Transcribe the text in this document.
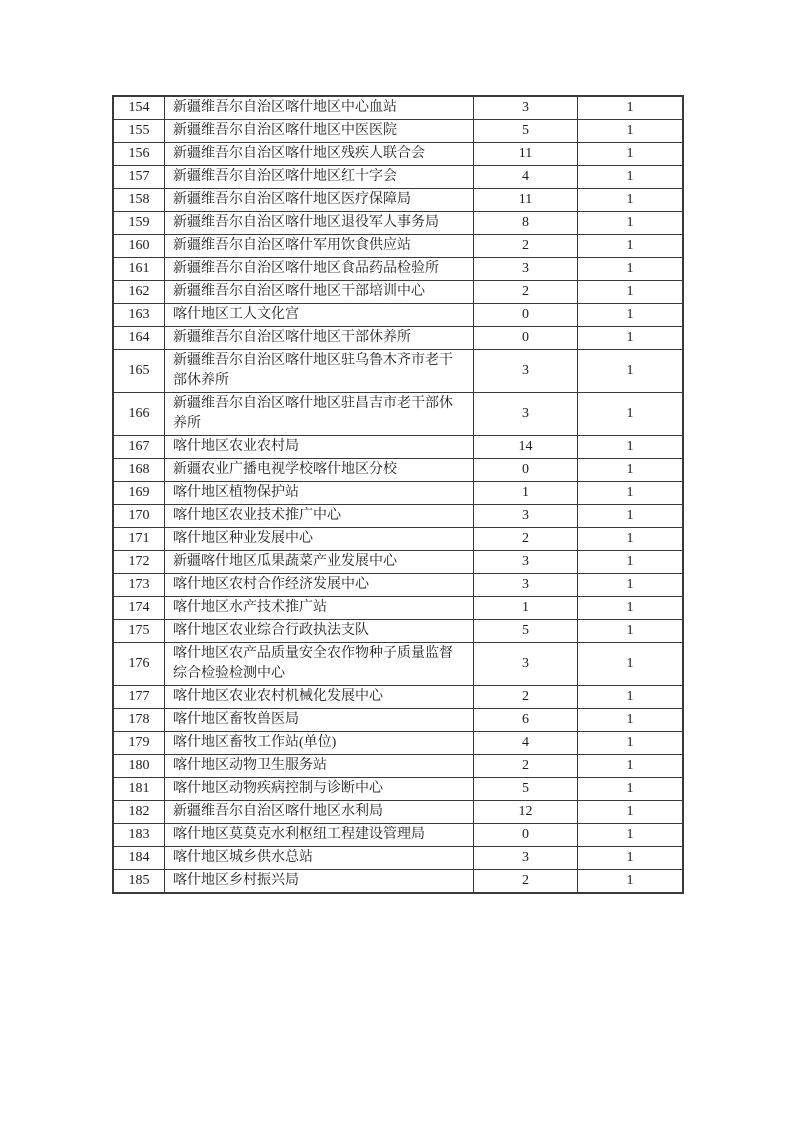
154	新疆维吾尔自治区喀什地区中心血站	3	1
155	新疆维吾尔自治区喀什地区中医医院	5	1
156	新疆维吾尔自治区喀什地区残疾人联合会	11	1
157	新疆维吾尔自治区喀什地区红十字会	4	1
158	新疆维吾尔自治区喀什地区医疗保障局	11	1
159	新疆维吾尔自治区喀什地区退役军人事务局	8	1
160	新疆维吾尔自治区喀什军用饮食供应站	2	1
161	新疆维吾尔自治区喀什地区食品药品检验所	3	1
162	新疆维吾尔自治区喀什地区干部培训中心	2	1
163	喀什地区工人文化宫	0	1
164	新疆维吾尔自治区喀什地区干部休养所	0	1
165	新疆维吾尔自治区喀什地区驻乌鲁木齐市老干部休养所	3	1
166	新疆维吾尔自治区喀什地区驻昌吉市老干部休养所	3	1
167	喀什地区农业农村局	14	1
168	新疆农业广播电视学校喀什地区分校	0	1
169	喀什地区植物保护站	1	1
170	喀什地区农业技术推广中心	3	1
171	喀什地区种业发展中心	2	1
172	新疆喀什地区瓜果蔬菜产业发展中心	3	1
173	喀什地区农村合作经济发展中心	3	1
174	喀什地区水产技术推广站	1	1
175	喀什地区农业综合行政执法支队	5	1
176	喀什地区农产品质量安全农作物种子质量监督综合检验检测中心	3	1
177	喀什地区农业农村机械化发展中心	2	1
178	喀什地区畜牧兽医局	6	1
179	喀什地区畜牧工作站(单位)	4	1
180	喀什地区动物卫生服务站	2	1
181	喀什地区动物疾病控制与诊断中心	5	1
182	新疆维吾尔自治区喀什地区水利局	12	1
183	喀什地区莫莫克水利枢纽工程建设管理局	0	1
184	喀什地区城乡供水总站	3	1
185	喀什地区乡村振兴局	2	1
